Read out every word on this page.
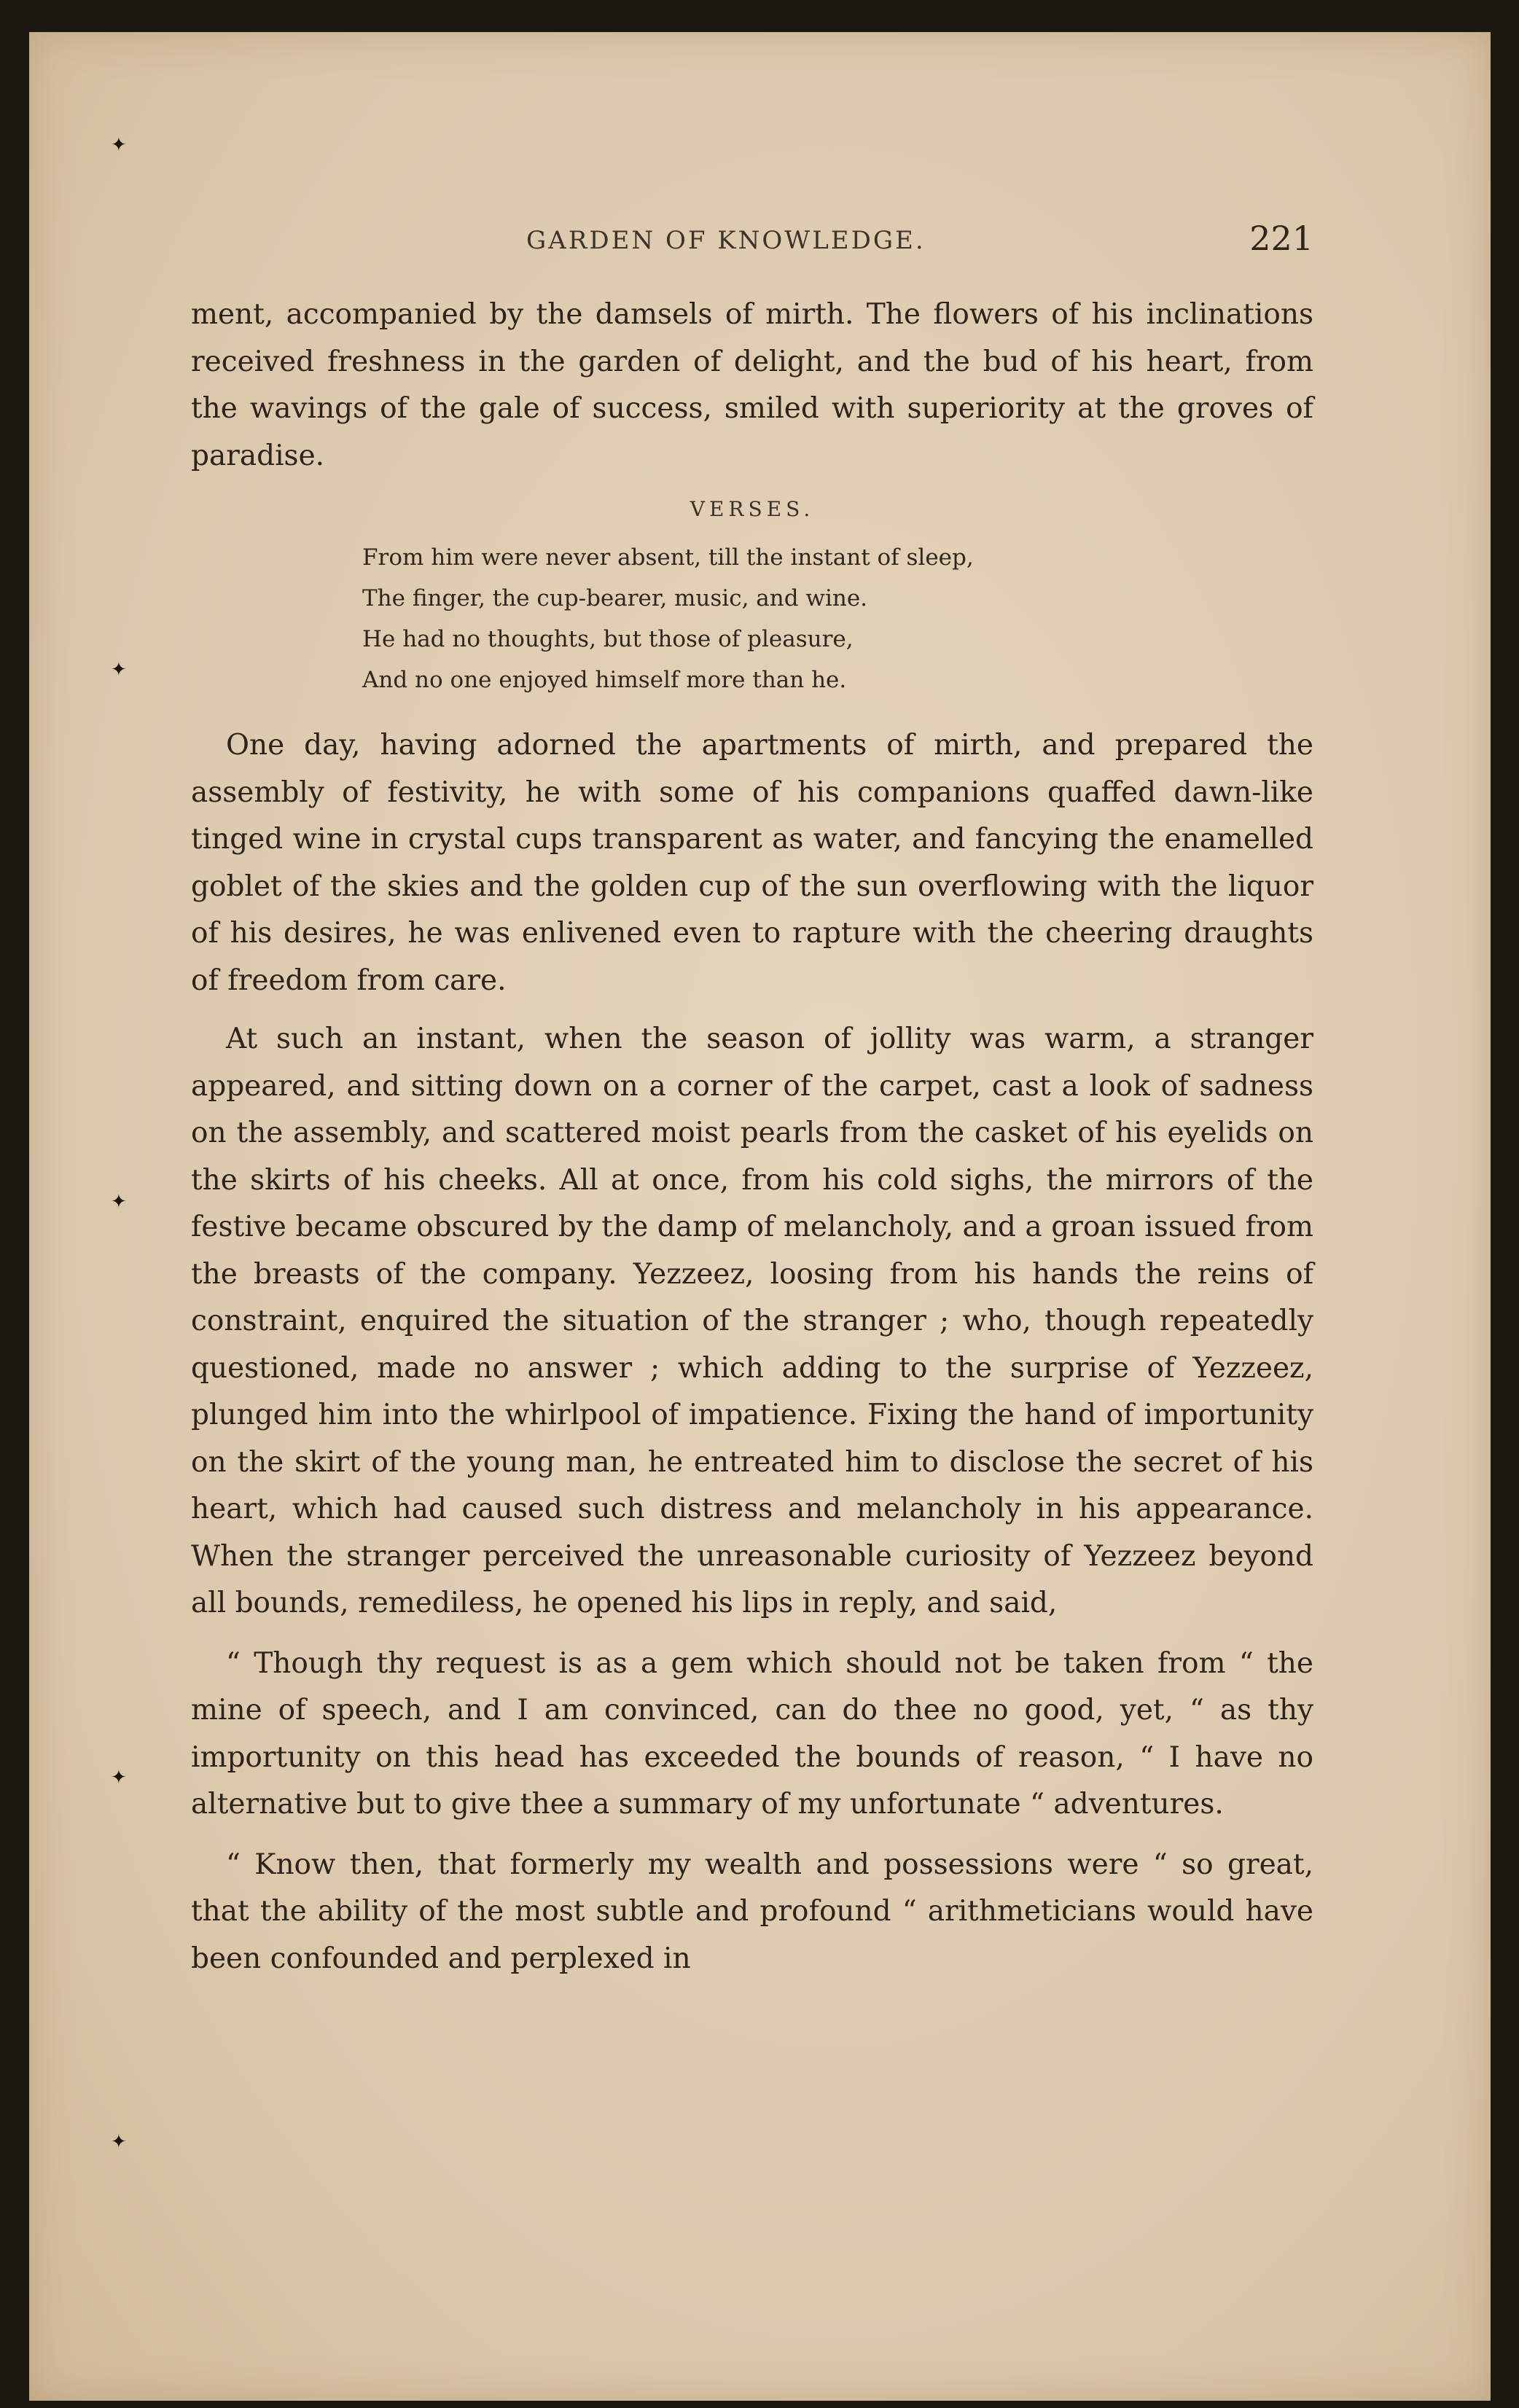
✦
✦
✦
✦
✦
GARDEN OF KNOWLEDGE.	221

ment, accompanied by the damsels of mirth. The flowers of his inclinations received freshness in the garden of delight, and the bud of his heart, from the wavings of the gale of success, smiled with superiority at the groves of paradise.

VERSES.
From him were never absent, till the instant of sleep,
The finger, the cup-bearer, music, and wine.
He had no thoughts, but those of pleasure,
And no one enjoyed himself more than he.

One day, having adorned the apartments of mirth, and prepared the assembly of festivity, he with some of his companions quaffed dawn-like tinged wine in crystal cups transparent as water, and fancying the enamelled goblet of the skies and the golden cup of the sun overflowing with the liquor of his desires, he was enlivened even to rapture with the cheering draughts of freedom from care.

At such an instant, when the season of jollity was warm, a stranger appeared, and sitting down on a corner of the carpet, cast a look of sadness on the assembly, and scattered moist pearls from the casket of his eyelids on the skirts of his cheeks. All at once, from his cold sighs, the mirrors of the festive became obscured by the damp of melancholy, and a groan issued from the breasts of the company. Yezzeez, loosing from his hands the reins of constraint, enquired the situation of the stranger ; who, though repeatedly questioned, made no answer ; which adding to the surprise of Yezzeez, plunged him into the whirlpool of impatience. Fixing the hand of importunity on the skirt of the young man, he entreated him to disclose the secret of his heart, which had caused such distress and melancholy in his appearance. When the stranger perceived the unreasonable curiosity of Yezzeez beyond all bounds, remediless, he opened his lips in reply, and said,

“ Though thy request is as a gem which should not be taken from “ the mine of speech, and I am convinced, can do thee no good, yet, “ as thy importunity on this head has exceeded the bounds of reason, “ I have no alternative but to give thee a summary of my unfortunate “ adventures.

“ Know then, that formerly my wealth and possessions were “ so great, that the ability of the most subtle and profound “ arithmeticians would have been confounded and perplexed in
